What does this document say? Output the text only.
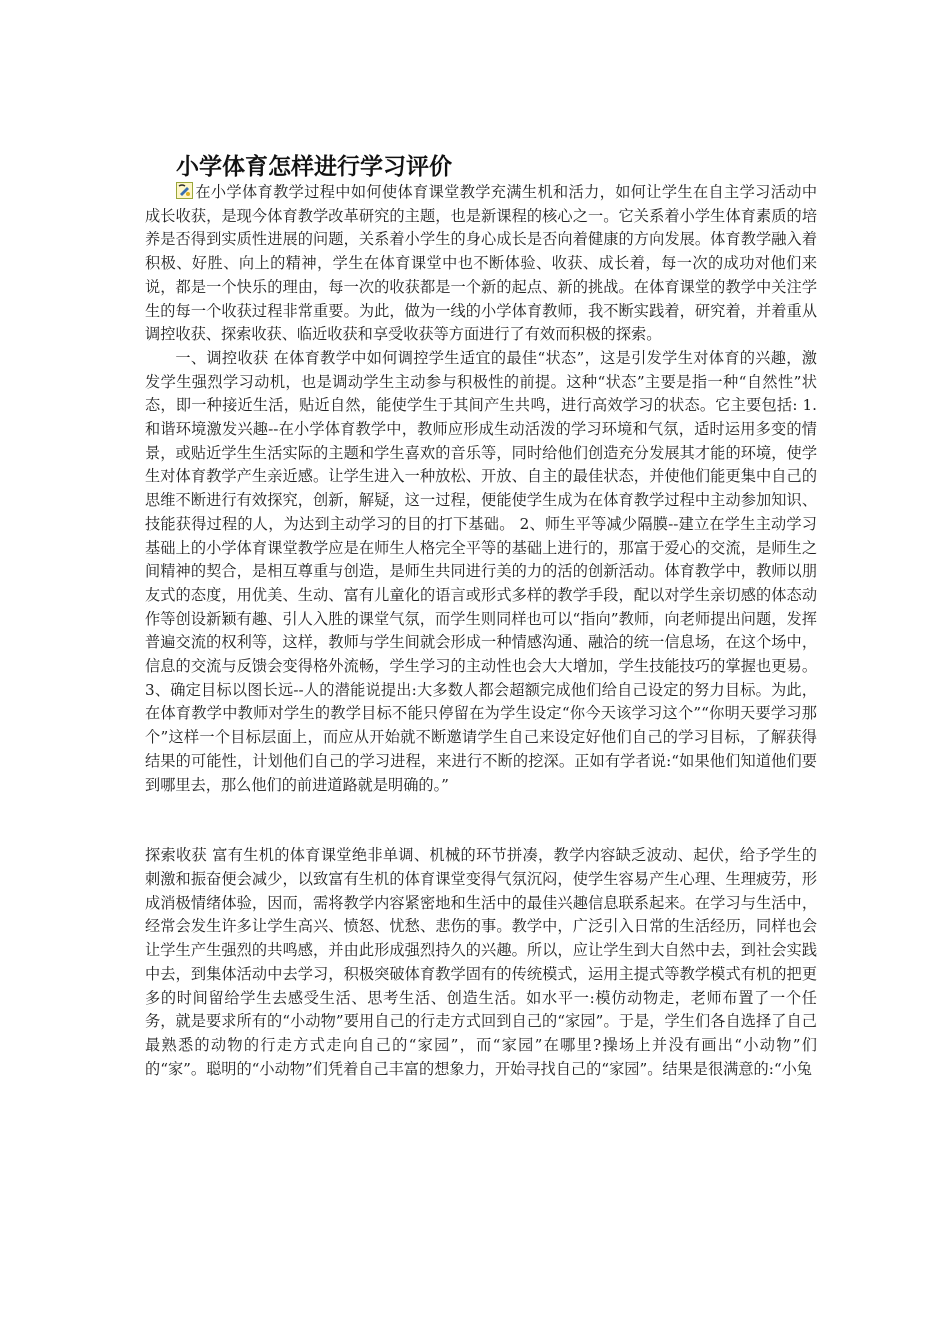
小学体育怎样进行学习评价

在小学体育教学过程中如何使体育课堂教学充满生机和活力，如何让学生在自主学习活动中成长收获，是现今体育教学改革研究的主题，也是新课程的核心之一。它关系着小学生体育素质的培养是否得到实质性进展的问题，关系着小学生的身心成长是否向着健康的方向发展。体育教学融入着积极、好胜、向上的精神，学生在体育课堂中也不断体验、收获、成长着，每一次的成功对他们来说，都是一个快乐的理由，每一次的收获都是一个新的起点、新的挑战。在体育课堂的教学中关注学生的每一个收获过程非常重要。为此，做为一线的小学体育教师，我不断实践着，研究着，并着重从调控收获、探索收获、临近收获和享受收获等方面进行了有效而积极的探索。

一、调控收获 在体育教学中如何调控学生适宜的最佳“状态”，这是引发学生对体育的兴趣，激发学生强烈学习动机，也是调动学生主动参与积极性的前提。这种“状态”主要是指一种“自然性”状态，即一种接近生活，贴近自然，能使学生于其间产生共鸣，进行高效学习的状态。它主要包括: 1.和谐环境激发兴趣--在小学体育教学中，教师应形成生动活泼的学习环境和气氛，适时运用多变的情景，或贴近学生生活实际的主题和学生喜欢的音乐等，同时给他们创造充分发展其才能的环境，使学生对体育教学产生亲近感。让学生进入一种放松、开放、自主的最佳状态，并使他们能更集中自己的思维不断进行有效探究，创新，解疑，这一过程，便能使学生成为在体育教学过程中主动参加知识、技能获得过程的人，为达到主动学习的目的打下基础。 2、师生平等减少隔膜--建立在学生主动学习基础上的小学体育课堂教学应是在师生人格完全平等的基础上进行的，那富于爱心的交流，是师生之间精神的契合，是相互尊重与创造，是师生共同进行美的力的活的创新活动。体育教学中，教师以朋友式的态度，用优美、生动、富有儿童化的语言或形式多样的教学手段，配以对学生亲切感的体态动作等创设新颖有趣、引人入胜的课堂气氛，而学生则同样也可以“指向”教师，向老师提出问题，发挥普遍交流的权利等，这样，教师与学生间就会形成一种情感沟通、融洽的统一信息场，在这个场中，信息的交流与反馈会变得格外流畅，学生学习的主动性也会大大增加，学生技能技巧的掌握也更易。 3、确定目标以图长远--人的潜能说提出:大多数人都会超额完成他们给自己设定的努力目标。为此，在体育教学中教师对学生的教学目标不能只停留在为学生设定“你今天该学习这个”“你明天要学习那个”这样一个目标层面上，而应从开始就不断邀请学生自己来设定好他们自己的学习目标，了解获得结果的可能性，计划他们自己的学习进程，来进行不断的挖深。正如有学者说:“如果他们知道他们要到哪里去，那么他们的前进道路就是明确的。”

探索收获 富有生机的体育课堂绝非单调、机械的环节拼凑，教学内容缺乏波动、起伏，给予学生的刺激和振奋便会减少，以致富有生机的体育课堂变得气氛沉闷，使学生容易产生心理、生理疲劳，形成消极情绪体验，因而，需将教学内容紧密地和生活中的最佳兴趣信息联系起来。在学习与生活中，经常会发生许多让学生高兴、愤怒、忧愁、悲伤的事。教学中，广泛引入日常的生活经历，同样也会让学生产生强烈的共鸣感，并由此形成强烈持久的兴趣。所以，应让学生到大自然中去，到社会实践中去，到集体活动中去学习，积极突破体育教学固有的传统模式，运用主提式等教学模式有机的把更多的时间留给学生去感受生活、思考生活、创造生活。如水平一:模仿动物走，老师布置了一个任务，就是要求所有的“小动物”要用自己的行走方式回到自己的“家园”。于是，学生们各自选择了自己最熟悉的动物的行走方式走向自己的“家园”，而“家园”在哪里?操场上并没有画出“小动物”们的“家”。聪明的“小动物”们凭着自己丰富的想象力，开始寻找自己的“家园”。结果是很满意的:“小兔
